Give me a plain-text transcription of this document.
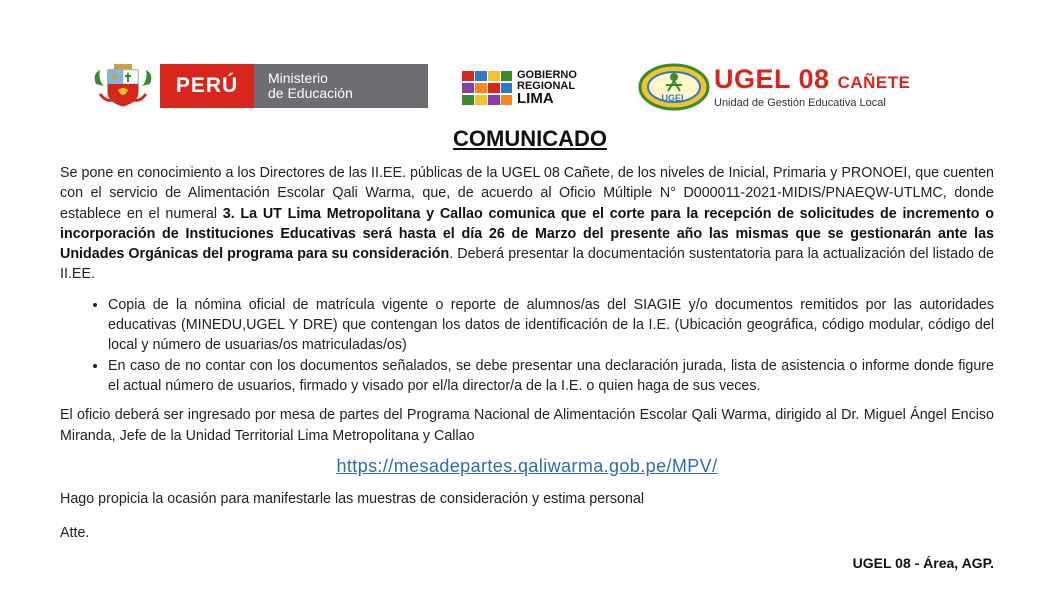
PERÚ	Ministerio
de Educación
GOBIERNO
REGIONAL
LIMA	UGEL
UGEL 08 CAÑETE
Unidad de Gestión Educativa Local
COMUNICADO

Se pone en conocimiento a los Directores de las II.EE. públicas de la UGEL 08 Cañete, de los niveles de Inicial, Primaria y PRONOEI, que cuenten con el servicio de Alimentación Escolar Qali Warma, que, de acuerdo al Oficio Múltiple N° D000011-2021-MIDIS/PNAEQW-UTLMC, donde establece en el numeral 3. La UT Lima Metropolitana y Callao comunica que el corte para la recepción de solicitudes de incremento o incorporación de Instituciones Educativas será hasta el día 26 de Marzo del presente año las mismas que se gestionarán ante las Unidades Orgánicas del programa para su consideración. Deberá presentar la documentación sustentatoria para la actualización del listado de II.EE.

• Copia de la nómina oficial de matrícula vigente o reporte de alumnos/as del SIAGIE y/o documentos remitidos por las autoridades educativas (MINEDU,UGEL Y DRE) que contengan los datos de identificación de la I.E. (Ubicación geográfica, código modular, código del local y número de usuarias/os matriculadas/os)
• En caso de no contar con los documentos señalados, se debe presentar una declaración jurada, lista de asistencia o informe donde figure el actual número de usuarios, firmado y visado por el/la director/a de la I.E. o quien haga de sus veces.

El oficio deberá ser ingresado por mesa de partes del Programa Nacional de Alimentación Escolar Qali Warma, dirigido al Dr. Miguel Ángel Enciso Miranda, Jefe de la Unidad Territorial Lima Metropolitana y Callao

https://mesadepartes.qaliwarma.gob.pe/MPV/

Hago propicia la ocasión para manifestarle las muestras de consideración y estima personal

Atte.

UGEL 08 - Área, AGP.
